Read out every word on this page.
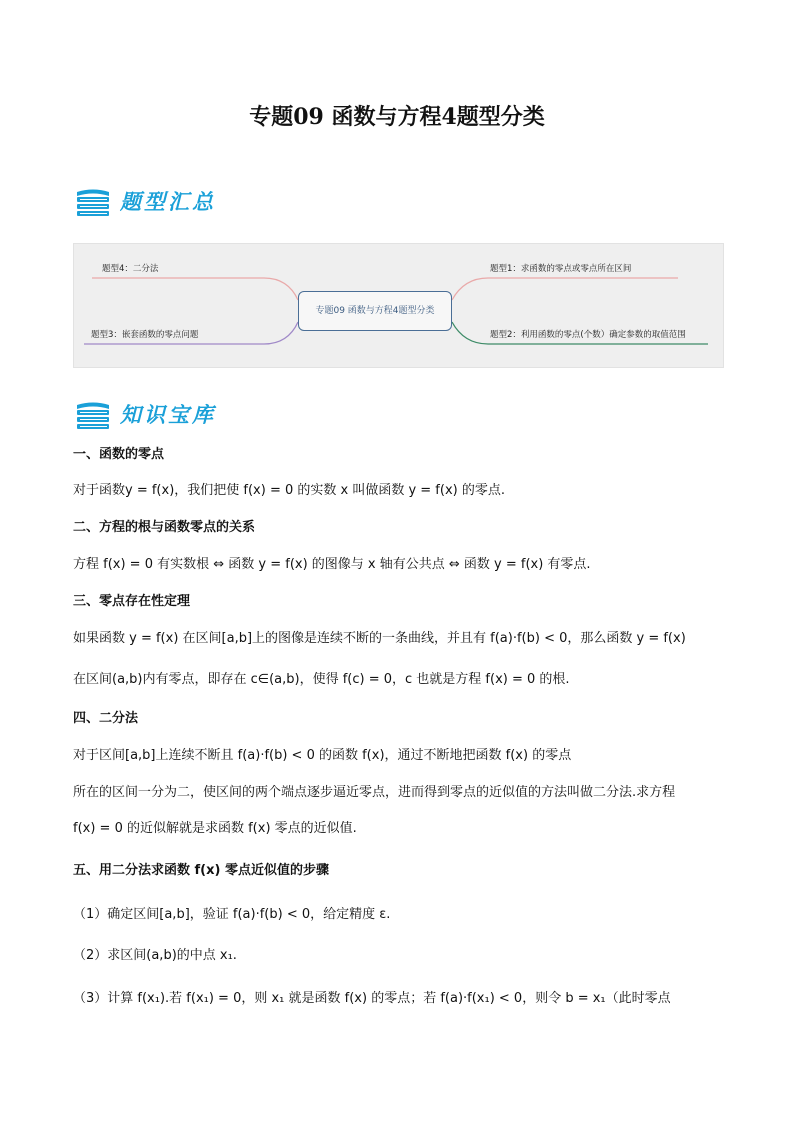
专题09 函数与方程4题型分类
题型汇总
专题09 函数与方程4题型分类
题型4：二分法
题型3：嵌套函数的零点问题
题型1：求函数的零点或零点所在区间
题型2：利用函数的零点(个数）确定参数的取值范围
知识宝库
一、函数的零点
对于函数y = f(x)，我们把使 f(x) = 0 的实数 x 叫做函数 y = f(x) 的零点.
二、方程的根与函数零点的关系
方程 f(x) = 0 有实数根 ⇔ 函数 y = f(x) 的图像与 x 轴有公共点 ⇔ 函数 y = f(x) 有零点.
三、零点存在性定理
如果函数 y = f(x) 在区间[a,b]上的图像是连续不断的一条曲线，并且有 f(a)·f(b) < 0，那么函数 y = f(x)
在区间(a,b)内有零点，即存在 c∈(a,b)，使得 f(c) = 0，c 也就是方程 f(x) = 0 的根.
四、二分法
对于区间[a,b]上连续不断且 f(a)·f(b) < 0 的函数 f(x)，通过不断地把函数 f(x) 的零点
所在的区间一分为二，使区间的两个端点逐步逼近零点，进而得到零点的近似值的方法叫做二分法.求方程
f(x) = 0 的近似解就是求函数 f(x) 零点的近似值.
五、用二分法求函数 f(x) 零点近似值的步骤
（1）确定区间[a,b]，验证 f(a)·f(b) < 0，给定精度 ε.
（2）求区间(a,b)的中点 x₁.
（3）计算 f(x₁).若 f(x₁) = 0，则 x₁ 就是函数 f(x) 的零点；若 f(a)·f(x₁) < 0，则令 b = x₁（此时零点
